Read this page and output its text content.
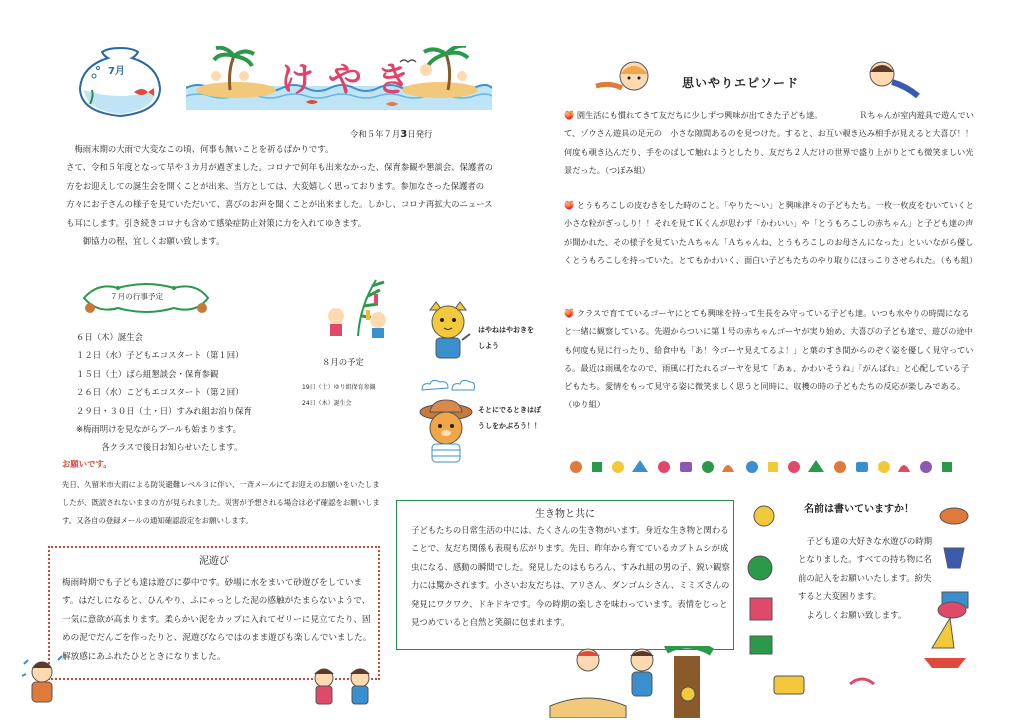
7月	けやき
令和５年７月3日発行

梅雨末期の大雨で大変なこの頃、何事も無いことを祈るばかりです。

さて、令和５年度となって早や３カ月が過ぎました。コロナで何年も出来なかった、保育参観や懇談会、保護者の方をお迎えしての誕生会を開くことが出来、当方としては、大変嬉しく思っております。参加なさった保護者の方々にお子さんの様子を見ていただいて、喜びのお声を聞くことが出来ました。しかし、コロナ再拡大のニュースも耳にします。引き続きコロナも含めて感染症防止対策に力を入れてゆきます。

御協力の程、宜しくお願い致します。

７月の行事予定
６日（木）誕生会
１２日（水）子どもエコスタート（第１回）
１５日（土）ばら組懇談会・保育参観
２６日（水）こどもエコスタート（第２回）
２９日・３０日（土・日）すみれ組お泊り保育
※梅雨明けを見ながらプールも始まります。
各クラスで後日お知らせいたします。
８月の予定
19日（土）ゆり組保育参観
24日（木）誕生会
はやねはやおきをしよう
そとにでるときはぼうしをかぶろう！！
お願いです。
先日、久留米市大雨による防災避難レベル３に伴い、一斉メールにてお迎えのお願いをいたしましたが、既読されないままの方が見られました。災害が予想される場合は必ず確認をお願いします。又各自の登録メールの通知確認設定をお願いします。
泥遊び
梅雨時期でも子ども達は遊びに夢中です。砂場に水をまいて砂遊びをしています。はだしになると、ひんやり、ふにゃっとした泥の感触がたまらないようで、一気に意欲が高まります。柔らかい泥をカップに入れてゼリーに見立てたり、固めの泥でだんごを作ったりと、泥遊びならではのまま遊びも楽しんでいました。解放感にあふれたひとときになりました。
思いやりエピソード
🍑 園生活にも慣れてきて友だちに少しずつ興味が出てきた子ども達。　　　　　Ｒちゃんが室内遊具で遊んでいて、ゾウさん遊具の足元の　小さな隙間あるのを見つけた。すると、お互い覗き込み相手が見えると大喜び！！何度も覗き込んだり、手をのばして触れようとしたり、友だち２人だけの世界で盛り上がりとても微笑ましい光景だった。（つぼみ組）
🍑 とうもろこしの皮むきをした時のこと。「やりた〜い」と興味津々の子どもたち。一枚一枚皮をむいていくと小さな粒がぎっしり！！それを見てＫくんが思わず「かわいい」や「とうもろこしの赤ちゃん」と子ども達の声が聞かれた、その様子を見ていたＡちゃん「Ａちゃんね、とうもろこしのお母さんになった」といいながら優しくとうもろこしを持っていた。とてもかわいく、面白い子どもたちのやり取りにほっこりさせられた。（もも組）
🍑 クラスで育てているゴーヤにとても興味を持って生長をみ守っている子ども達。いつも水やりの時間になると一緒に観察している。先週からついに第１号の赤ちゃんゴーヤが実り始め、大喜びの子ども達で、遊びの途中も何度も見に行ったり、給食中も「あ！今ゴーヤ見えてるよ！」と葉のすき間からのぞく姿を優しく見守っている。最近は雨風をなので、雨風に打たれるゴーヤを見て「あぁ、かわいそうね」「がんばれ」と心配している子どもたち。愛情をもって見守る姿に微笑ましく思うと同時に、収穫の時の子どもたちの反応が楽しみである。（ゆり組）
生き物と共に
子どもたちの日常生活の中には、たくさんの生き物がいます。身近な生き物と関わることで、友だち関係も表現も広がります。先日、昨年から育てているカブトムシが成虫になる、感動の瞬間でした。発見したのはもちろん、すみれ組の男の子、鋭い観察力には驚かされます。小さいお友だちは、アリさん、ダンゴムシさん、ミミズさんの発見にワクワク、ドキドキです。今の時期の楽しさを味わっています。表情をじっと見つめていると自然と笑顔に包まれます。
名前は書いていますか！

子ども達の大好きな水遊びの時期となりました。すべての持ち物に名前の記入をお願いいたします。紛失すると大変困ります。

よろしくお願い致します。
